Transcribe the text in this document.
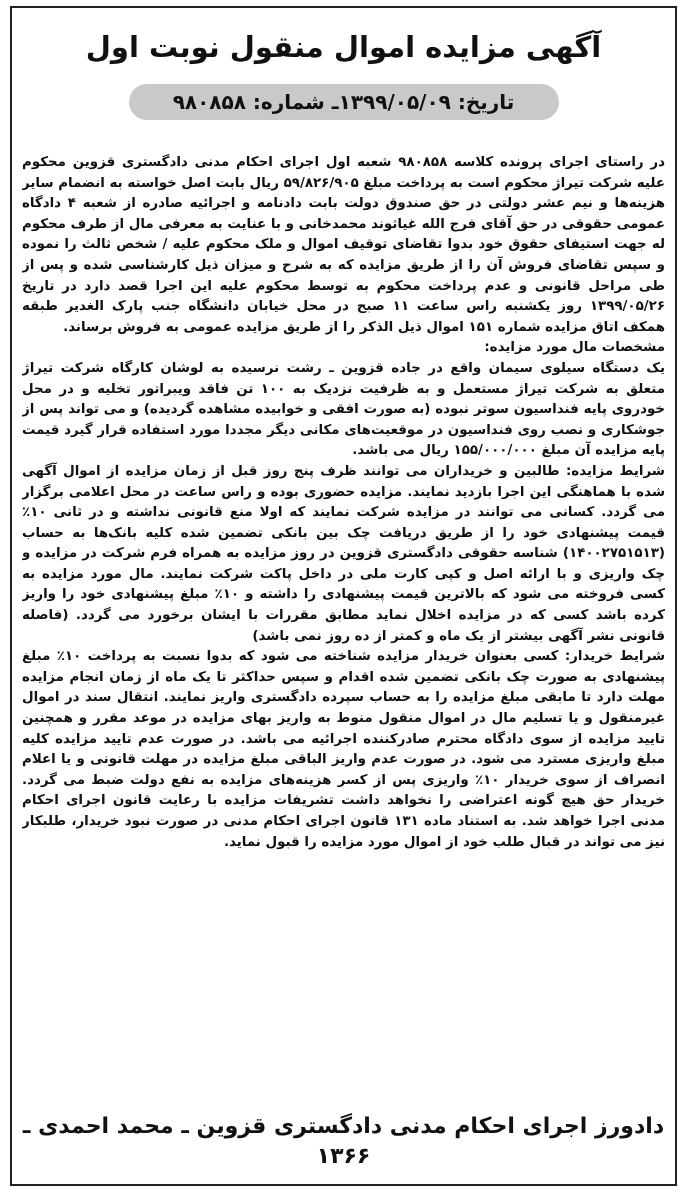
آگهی مزایده اموال منقول نوبت اول
تاریخ: ۱۳۹۹/۰۵/۰۹ـ شماره: ۹۸۰۸۵۸

در راستای اجرای پرونده کلاسه ۹۸۰۸۵۸ شعبه اول اجرای احکام مدنی دادگستری قزوین محکوم علیه شرکت تیراژ محکوم است به پرداخت مبلغ ۵۹/۸۲۶/۹۰۵ ریال بابت اصل خواسته به انضمام سایر هزینه‌ها و نیم عشر دولتی در حق صندوق دولت بابت دادنامه و اجرائیه صادره از شعبه ۴ دادگاه عمومی حقوقی در حق آقای فرج الله غیاثوند محمدخانی و با عنایت به معرفی مال از طرف محکوم له جهت استیفای حقوق خود بدوا تقاضای توقیف اموال و ملک محکوم علیه / شخص ثالث را نموده و سپس تقاضای فروش آن را از طریق مزایده که به شرح و میزان ذیل کارشناسی شده و پس از طی مراحل قانونی و عدم پرداخت محکوم به توسط محکوم علیه این اجرا قصد دارد در تاریخ ۱۳۹۹/۰۵/۲۶ روز یکشنبه راس ساعت ۱۱ صبح در محل خیابان دانشگاه جنب پارک الغدیر طبقه همکف اتاق مزایده شماره ۱۵۱ اموال ذیل الذکر را از طریق مزایده عمومی به فروش برساند.

مشخصات مال مورد مزایده:

یک دستگاه سیلوی سیمان واقع در جاده قزوین ـ رشت نرسیده به لوشان کارگاه شرکت تیراژ متعلق به شرکت تیراژ مستعمل و به ظرفیت نزدیک به ۱۰۰ تن فاقد ویبراتور تخلیه و در محل خودروی پایه فنداسیون سوتر نبوده (به صورت افقی و خوابیده مشاهده گردیده) و می تواند پس از جوشکاری و نصب روی فنداسیون در موقعیت‌های مکانی دیگر مجددا مورد استفاده قرار گیرد قیمت پایه مزایده آن مبلغ ۱۵۵/۰۰۰/۰۰۰ ریال می باشد.

شرایط مزایده: طالبین و خریداران می توانند ظرف پنج روز قبل از زمان مزایده از اموال آگهی شده با هماهنگی این اجرا بازدید نمایند. مزایده حضوری بوده و راس ساعت در محل اعلامی برگزار می گردد. کسانی می توانند در مزایده شرکت نمایند که اولا منع قانونی نداشته و در ثانی ۱۰٪ قیمت پیشنهادی خود را از طریق دریافت چک بین بانکی تضمین شده کلیه بانک‌ها به حساب (۱۴۰۰۲۷۵۱۵۱۳) شناسه حقوقی دادگستری قزوین در روز مزایده به همراه فرم شرکت در مزایده و چک واریزی و با ارائه اصل و کپی کارت ملی در داخل پاکت شرکت نمایند. مال مورد مزایده به کسی فروخته می شود که بالاترین قیمت پیشنهادی را داشته و ۱۰٪ مبلغ پیشنهادی خود را واریز کرده باشد کسی که در مزایده اخلال نماید مطابق مقررات با ایشان برخورد می گردد. (فاصله قانونی نشر آگهی بیشتر از یک ماه و کمتر از ده روز نمی باشد)

شرایط خریدار: کسی بعنوان خریدار مزایده شناخته می شود که بدوا نسبت به پرداخت ۱۰٪ مبلغ پیشنهادی به صورت چک بانکی تضمین شده اقدام و سپس حداکثر تا یک ماه از زمان انجام مزایده مهلت دارد تا مابقی مبلغ مزایده را به حساب سپرده دادگستری واریز نمایند. انتقال سند در اموال غیرمنقول و یا تسلیم مال در اموال منقول منوط به واریز بهای مزایده در موعد مقرر و همچنین تایید مزایده از سوی دادگاه محترم صادرکننده اجرائیه می باشد. در صورت عدم تایید مزایده کلیه مبلغ واریزی مسترد می شود. در صورت عدم واریز الباقی مبلغ مزایده در مهلت قانونی و یا اعلام انصراف از سوی خریدار ۱۰٪ واریزی پس از کسر هزینه‌های مزایده به نفع دولت ضبط می گردد. خریدار حق هیچ گونه اعتراضی را نخواهد داشت تشریفات مزایده با رعایت قانون اجرای احکام مدنی اجرا خواهد شد. به استناد ماده ۱۳۱ قانون اجرای احکام مدنی در صورت نبود خریدار، طلبکار نیز می تواند در قبال طلب خود از اموال مورد مزایده را قبول نماید.

دادورز اجرای احکام مدنی دادگستری قزوین ـ محمد احمدی ـ ۱۳۶۶
